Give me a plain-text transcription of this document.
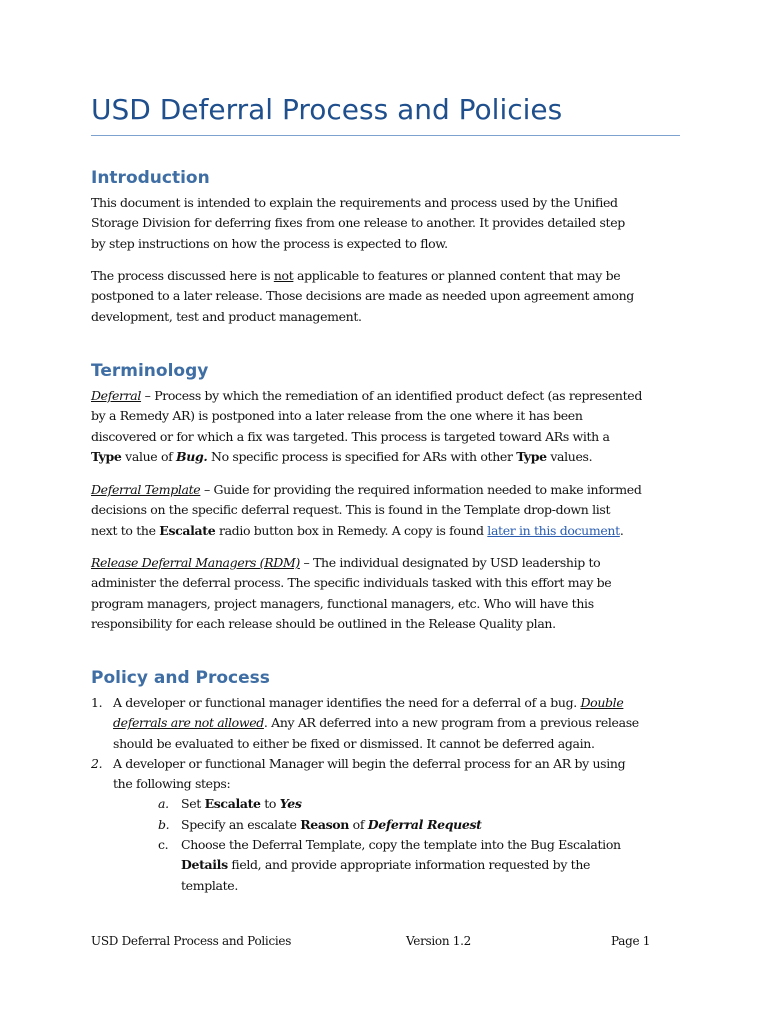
USD Deferral Process and Policies
Introduction
This document is intended to explain the requirements and process used by the Unified
Storage Division for deferring fixes from one release to another. It provides detailed step
by step instructions on how the process is expected to flow.
The process discussed here is not applicable to features or planned content that may be
postponed to a later release. Those decisions are made as needed upon agreement among
development, test and product management.
Terminology
Deferral – Process by which the remediation of an identified product defect (as represented
by a Remedy AR) is postponed into a later release from the one where it has been
discovered or for which a fix was targeted. This process is targeted toward ARs with a
Type value of Bug. No specific process is specified for ARs with other Type values.
Deferral Template – Guide for providing the required information needed to make informed
decisions on the specific deferral request. This is found in the Template drop-down list
next to the Escalate radio button box in Remedy. A copy is found later in this document.
Release Deferral Managers (RDM) – The individual designated by USD leadership to
administer the deferral process. The specific individuals tasked with this effort may be
program managers, project managers, functional managers, etc. Who will have this
responsibility for each release should be outlined in the Release Quality plan.
Policy and Process
1. A developer or functional manager identifies the need for a deferral of a bug. Double
deferrals are not allowed. Any AR deferred into a new program from a previous release
should be evaluated to either be fixed or dismissed. It cannot be deferred again.
2. A developer or functional Manager will begin the deferral process for an AR by using
the following steps:
a. Set Escalate to Yes
b. Specify an escalate Reason of Deferral Request
c. Choose the Deferral Template, copy the template into the Bug Escalation
Details field, and provide appropriate information requested by the
template.
USD Deferral Process and Policies	Version 1.2	Page 1
